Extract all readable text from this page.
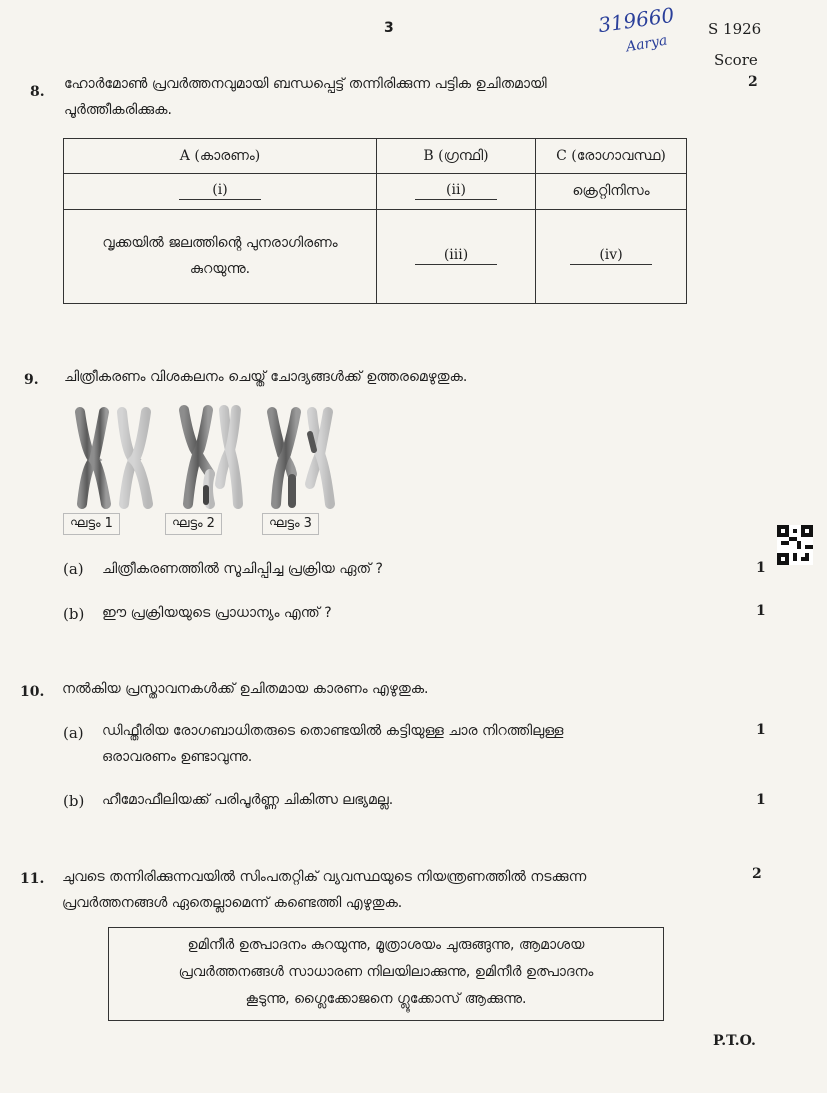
3	319660
Aarya
S 1926
Score
8. ഹോർമോൺ പ്രവർത്തനവുമായി ബന്ധപ്പെട്ട് തന്നിരിക്കുന്ന പട്ടിക ഉചിതമായി
പൂർത്തീകരിക്കുക.
2
A (കാരണം)	B (ഗ്രന്ഥി)	C (രോഗാവസ്ഥ)
(i)	(ii)	ക്രെറ്റിനിസം

വൃക്കയിൽ ജലത്തിന്റെ പുനരാഗിരണം
കുറയുന്നു.	(iii)	(iv)
9. ചിത്രീകരണം വിശകലനം ചെയ്ത് ചോദ്യങ്ങൾക്ക് ഉത്തരമെഴുതുക.
ഘട്ടം 1	ഘട്ടം 2	ഘട്ടം 3
(a) ചിത്രീകരണത്തിൽ സൂചിപ്പിച്ച പ്രക്രിയ ഏത് ?	1
(b) ഈ പ്രക്രിയയുടെ പ്രാധാന്യം എന്ത് ?	1
10. നൽകിയ പ്രസ്താവനകൾക്ക് ഉചിതമായ കാരണം എഴുതുക.
(a) ഡിഫ്തീരിയ രോഗബാധിതരുടെ തൊണ്ടയിൽ കട്ടിയുള്ള ചാര നിറത്തിലുള്ള
ഒരാവരണം ഉണ്ടാവുന്നു.
1
(b) ഹീമോഫീലിയക്ക് പരിപൂർണ്ണ ചികിത്സ ലഭ്യമല്ല.	1
11. ചുവടെ തന്നിരിക്കുന്നവയിൽ സിംപതറ്റിക് വ്യവസ്ഥയുടെ നിയന്ത്രണത്തിൽ നടക്കുന്ന
പ്രവർത്തനങ്ങൾ ഏതെല്ലാമെന്ന് കണ്ടെത്തി എഴുതുക.
2
ഉമിനീർ ഉത്പാദനം കുറയുന്നു, മൂത്രാശയം ചുരുങ്ങുന്നു, ആമാശയ
പ്രവർത്തനങ്ങൾ സാധാരണ നിലയിലാക്കുന്നു, ഉമിനീർ ഉത്പാദനം
കൂടുന്നു, ഗ്ലൈക്കോജനെ ഗ്ലൂക്കോസ് ആക്കുന്നു.
P.T.O.
